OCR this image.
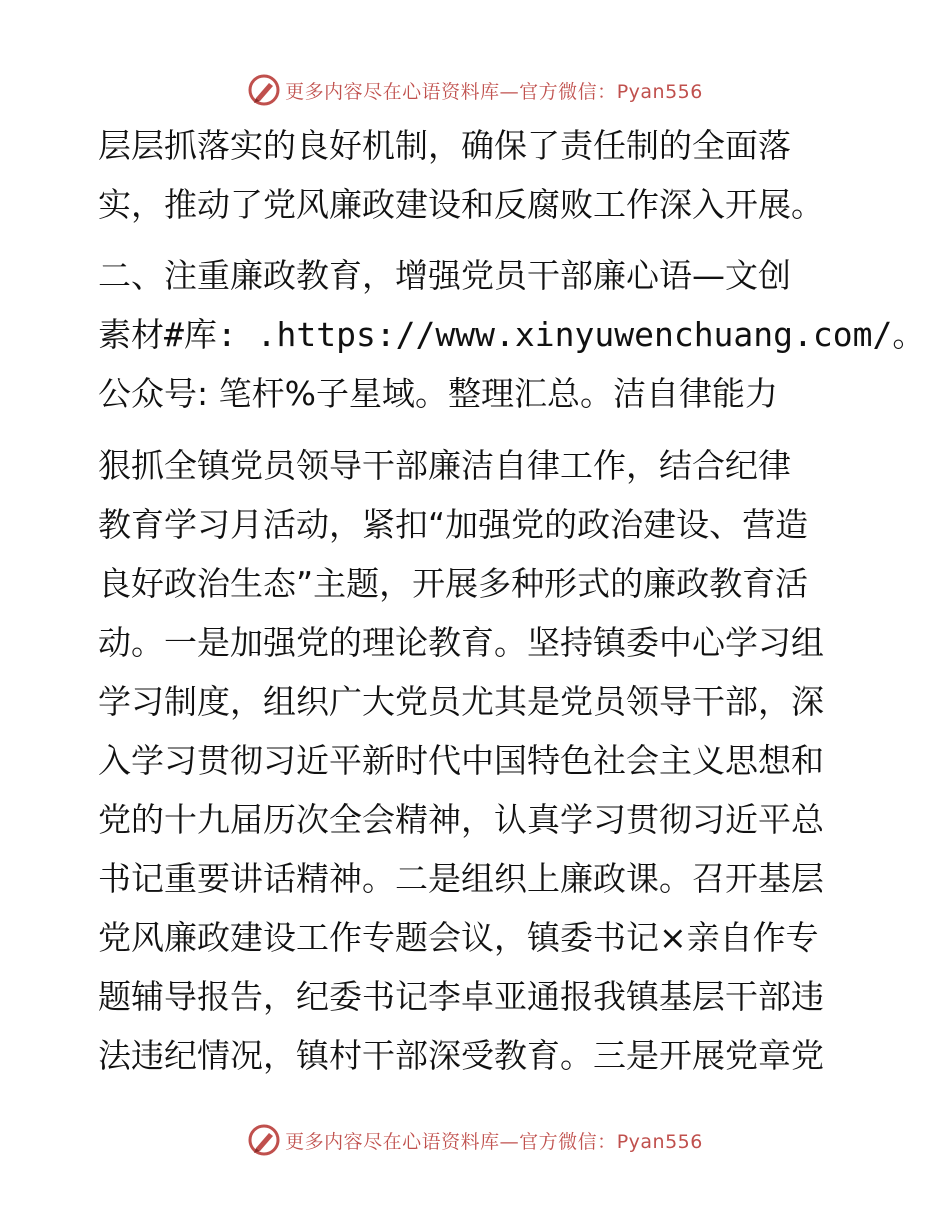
更多内容尽在心语资料库—官方微信：Pyan556
层层抓落实的良好机制，确保了责任制的全面落
实，推动了党风廉政建设和反腐败工作深入开展。
二、注重廉政教育，增强党员干部廉心语—文创
素材#库: .https://www.xinyuwenchuang.com/。
公众号: 笔杆%子星域。整理汇总。洁自律能力
狠抓全镇党员领导干部廉洁自律工作，结合纪律
教育学习月活动，紧扣“加强党的政治建设、营造
良好政治生态”主题，开展多种形式的廉政教育活
动。一是加强党的理论教育。坚持镇委中心学习组
学习制度，组织广大党员尤其是党员领导干部，深
入学习贯彻习近平新时代中国特色社会主义思想和
党的十九届历次全会精神，认真学习贯彻习近平总
书记重要讲话精神。二是组织上廉政课。召开基层
党风廉政建设工作专题会议，镇委书记×亲自作专
题辅导报告，纪委书记李卓亚通报我镇基层干部违
法违纪情况，镇村干部深受教育。三是开展党章党
更多内容尽在心语资料库—官方微信：Pyan556
